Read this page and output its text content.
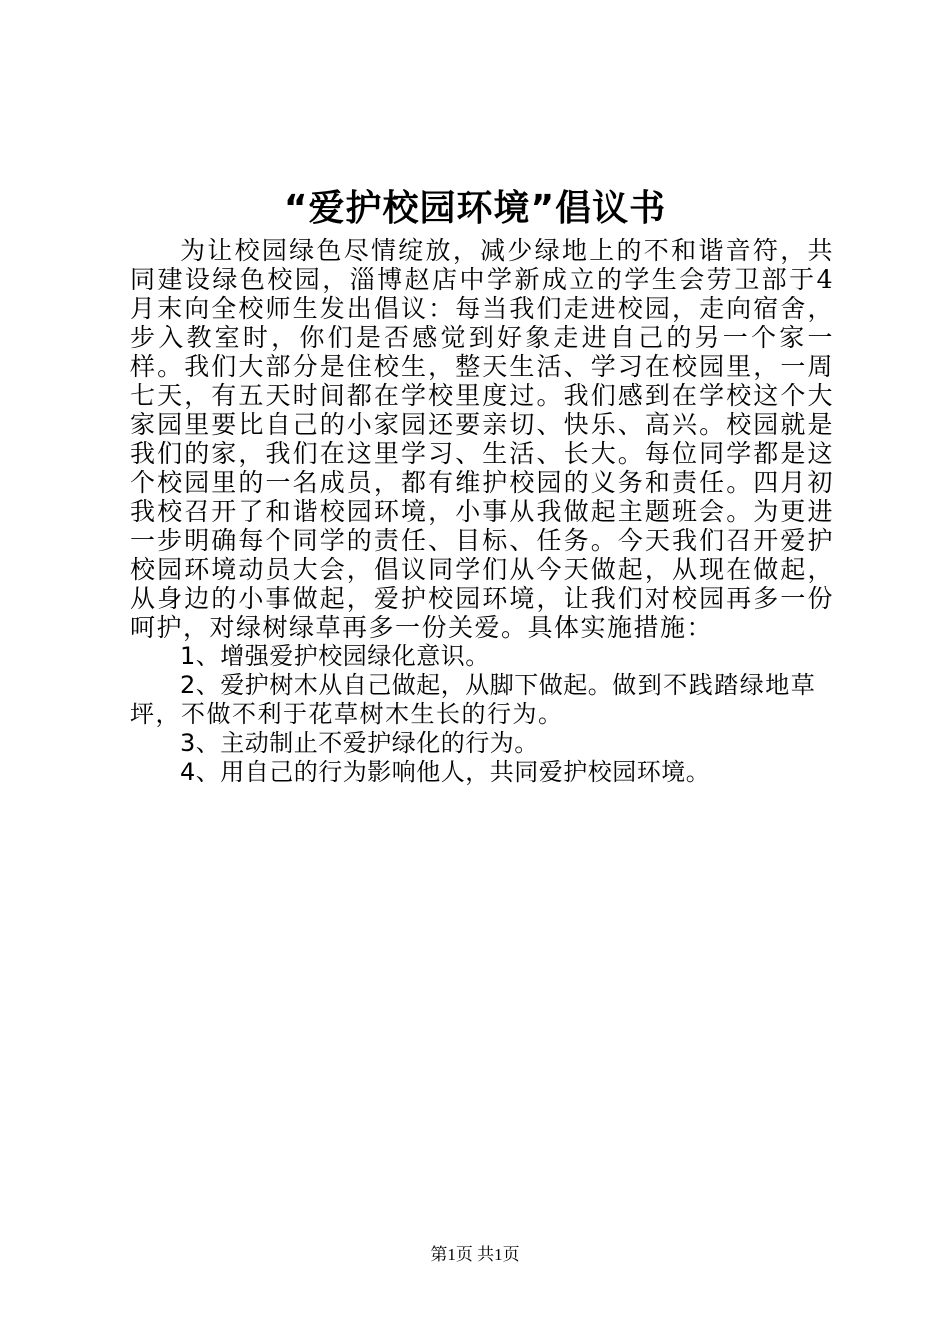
“爱护校园环境”倡议书

为让校园绿色尽情绽放，减少绿地上的不和谐音符，共同建设绿色校园，淄博赵店中学新成立的学生会劳卫部于4月末向全校师生发出倡议：每当我们走进校园，走向宿舍，步入教室时，你们是否感觉到好象走进自己的另一个家一样。我们大部分是住校生，整天生活、学习在校园里，一周七天，有五天时间都在学校里度过。我们感到在学校这个大家园里要比自己的小家园还要亲切、快乐、高兴。校园就是我们的家，我们在这里学习、生活、长大。每位同学都是这个校园里的一名成员，都有维护校园的义务和责任。四月初我校召开了和谐校园环境，小事从我做起主题班会。为更进一步明确每个同学的责任、目标、任务。今天我们召开爱护校园环境动员大会，倡议同学们从今天做起，从现在做起，从身边的小事做起，爱护校园环境，让我们对校园再多一份呵护，对绿树绿草再多一份关爱。具体实施措施：

1、增强爱护校园绿化意识。

2、爱护树木从自己做起，从脚下做起。做到不践踏绿地草坪，不做不利于花草树木生长的行为。

3、主动制止不爱护绿化的行为。

4、用自己的行为影响他人，共同爱护校园环境。

第1页 共1页
